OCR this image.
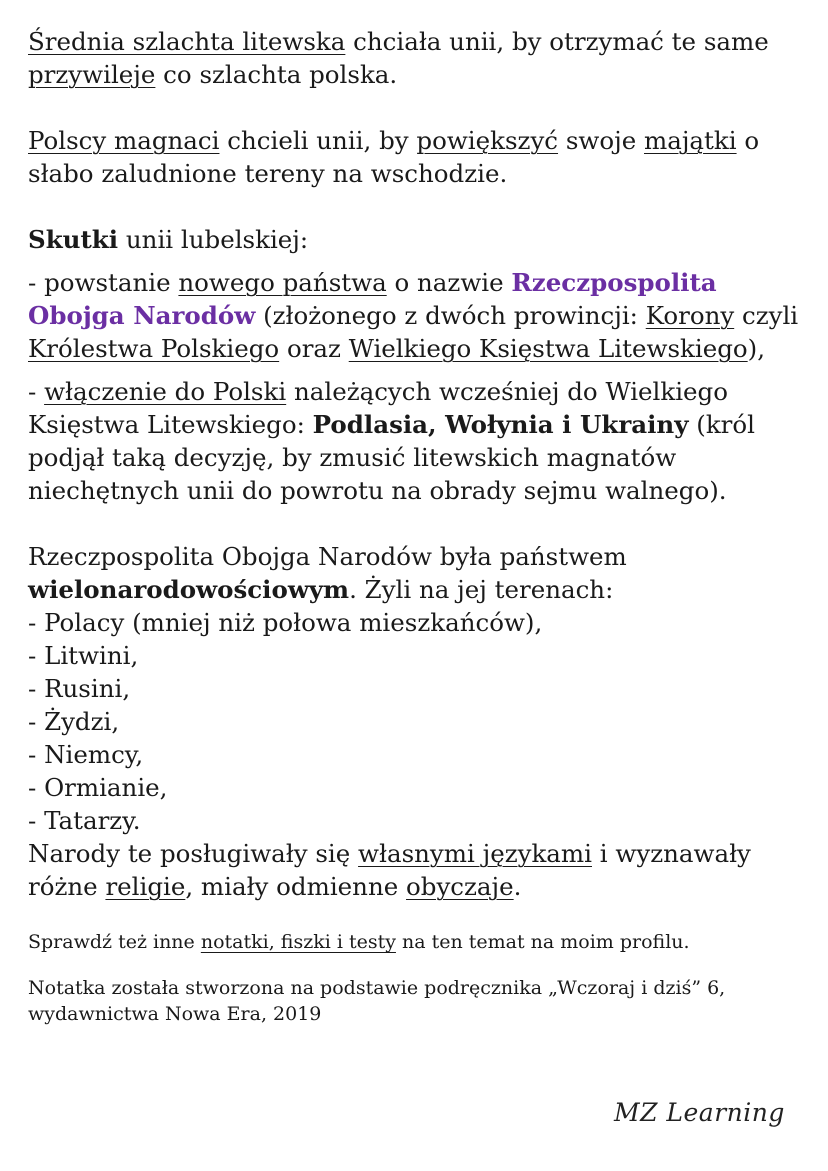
Średnia szlachta litewska chciała unii, by otrzymać te same przywileje co szlachta polska.

Polscy magnaci chcieli unii, by powiększyć swoje majątki o słabo zaludnione tereny na wschodzie.

Skutki unii lubelskiej:

- powstanie nowego państwa o nazwie Rzeczpospolita Obojga Narodów (złożonego z dwóch prowincji: Korony czyli Królestwa Polskiego oraz Wielkiego Księstwa Litewskiego),

- włączenie do Polski należących wcześniej do Wielkiego Księstwa Litewskiego: Podlasia, Wołynia i Ukrainy (król podjął taką decyzję, by zmusić litewskich magnatów niechętnych unii do powrotu na obrady sejmu walnego).

Rzeczpospolita Obojga Narodów była państwem wielonarodowościowym. Żyli na jej terenach:

- Polacy (mniej niż połowa mieszkańców),
- Litwini,
- Rusini,
- Żydzi,
- Niemcy,
- Ormianie,
- Tatarzy.

Narody te posługiwały się własnymi językami i wyznawały różne religie, miały odmienne obyczaje.

Sprawdź też inne notatki, fiszki i testy na ten temat na moim profilu.

Notatka została stworzona na podstawie podręcznika „Wczoraj i dziś” 6, wydawnictwa Nowa Era, 2019

MZ Learning
